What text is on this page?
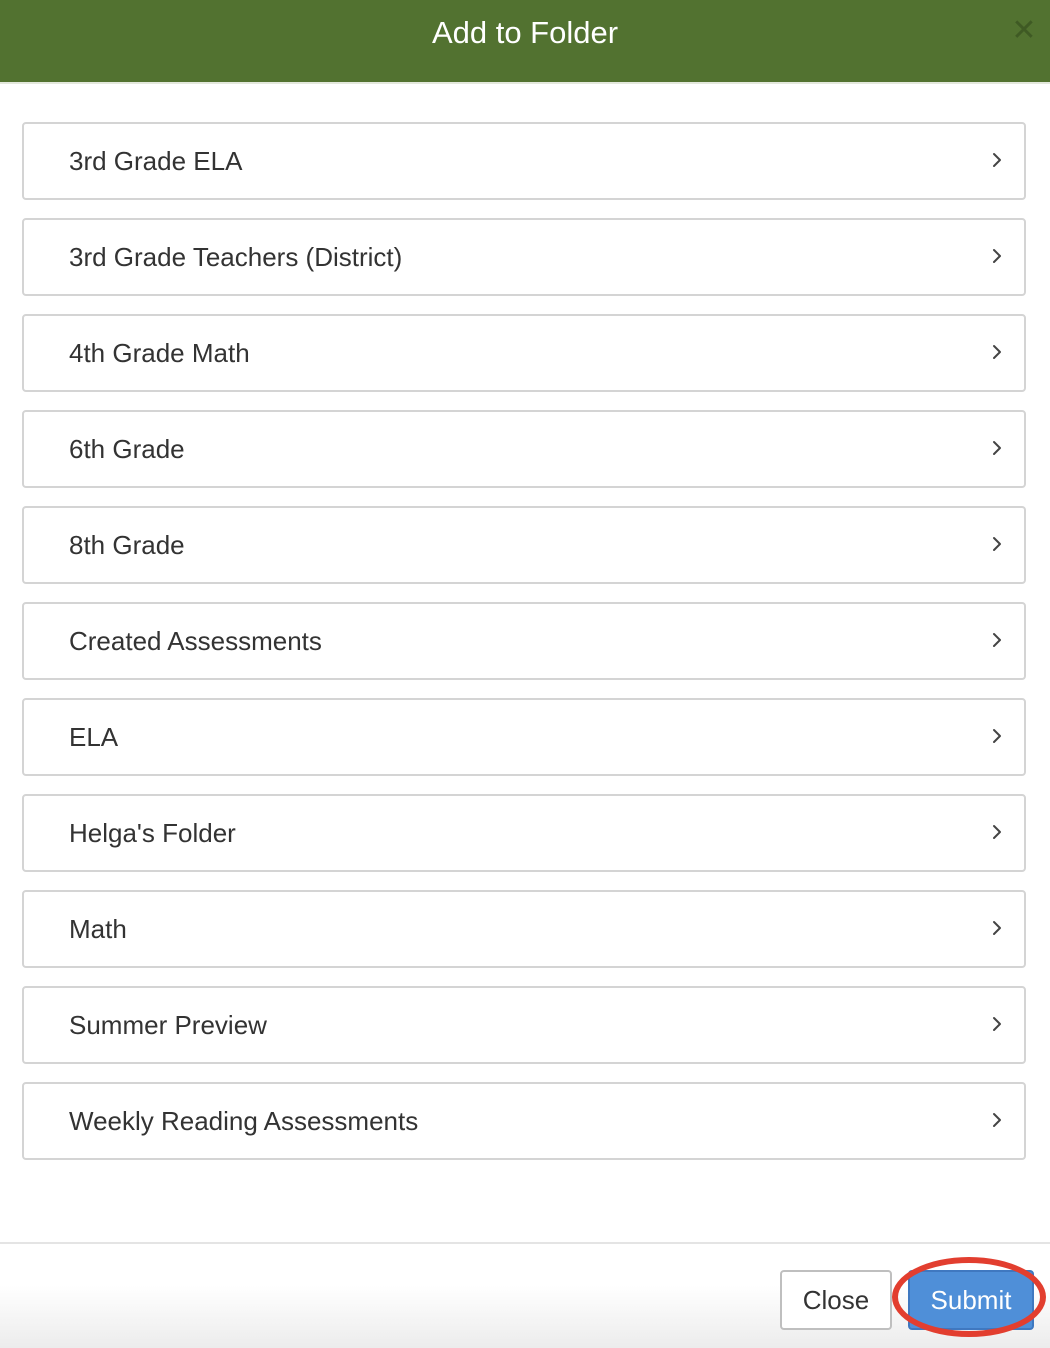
Add to Folder	✕
3rd Grade ELA
3rd Grade Teachers (District)
4th Grade Math
6th Grade
8th Grade
Created Assessments
ELA
Helga's Folder
Math
Summer Preview
Weekly Reading Assessments
Close	Submit
